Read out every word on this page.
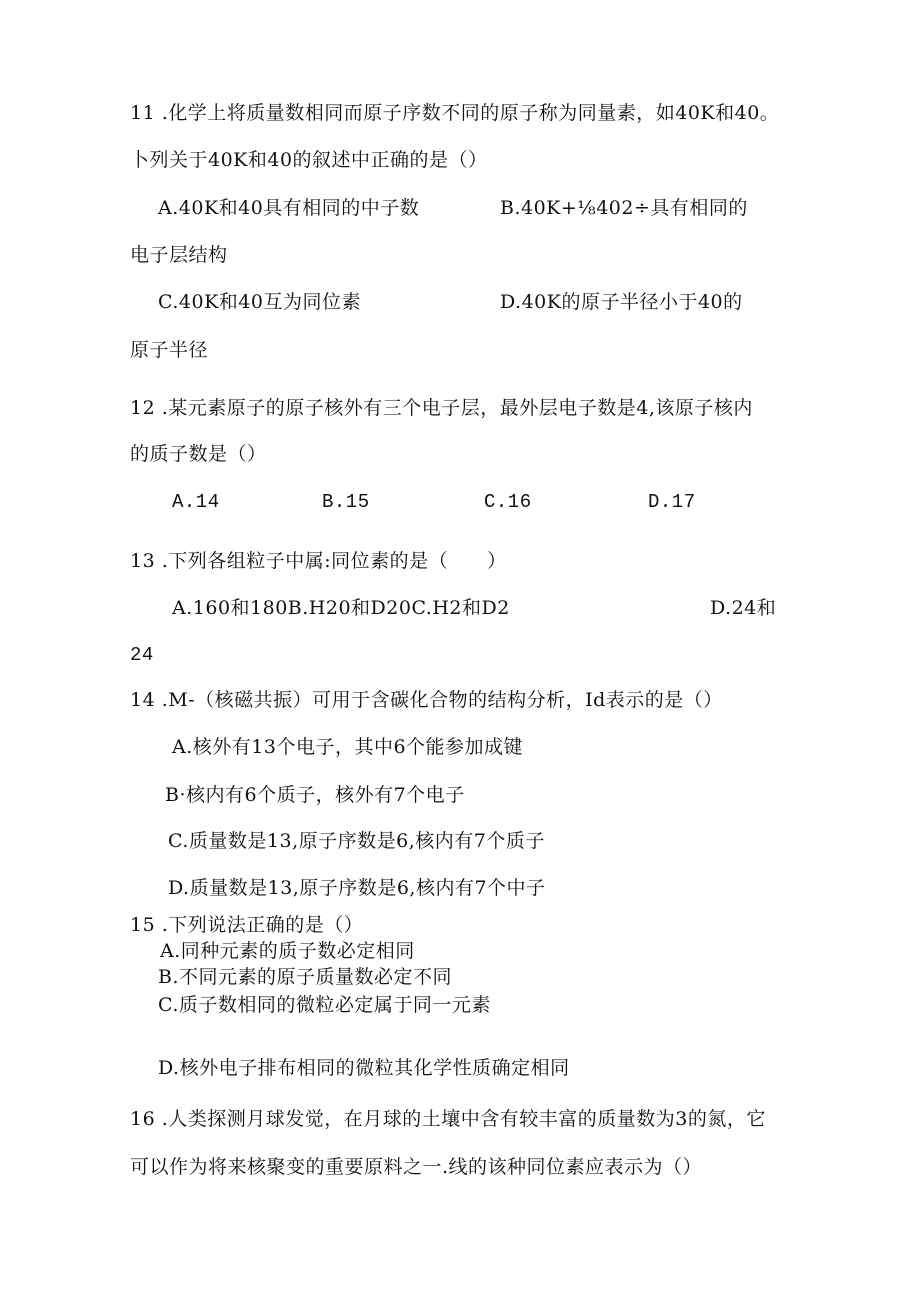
11 .化学上将质量数相同而原子序数不同的原子称为同量素，如40K和40。
卜列关于40K和40的叙述中正确的是（）
A.40K和40具有相同的中子数	B.40K+⅛402÷具有相同的
电子层结构
C.40K和40互为同位素	D.40K的原子半径小于40的
原子半径
12 .某元素原子的原子核外有三个电子层，最外层电子数是4,该原子核内
的质子数是（）
A.14	B.15	C.16	D.17
13 .下列各组粒子中属:同位素的是（　　）
A.160和180B.H20和D20C.H2和D2	D.24和
24
14 .M-（核磁共振）可用于含碳化合物的结构分析，Id表示的是（）
A.核外有13个电子，其中6个能参加成键
B·核内有6个质子，核外有7个电子
C.质量数是13,原子序数是6,核内有7个质子
D.质量数是13,原子序数是6,核内有7个中子
15 .下列说法正确的是（）
A.同种元素的质子数必定相同
B.不同元素的原子质量数必定不同
C.质子数相同的微粒必定属于同一元素
D.核外电子排布相同的微粒其化学性质确定相同
16 .人类探测月球发觉，在月球的土壤中含有较丰富的质量数为3的氮，它
可以作为将来核聚变的重要原料之一.线的该种同位素应表示为（）
